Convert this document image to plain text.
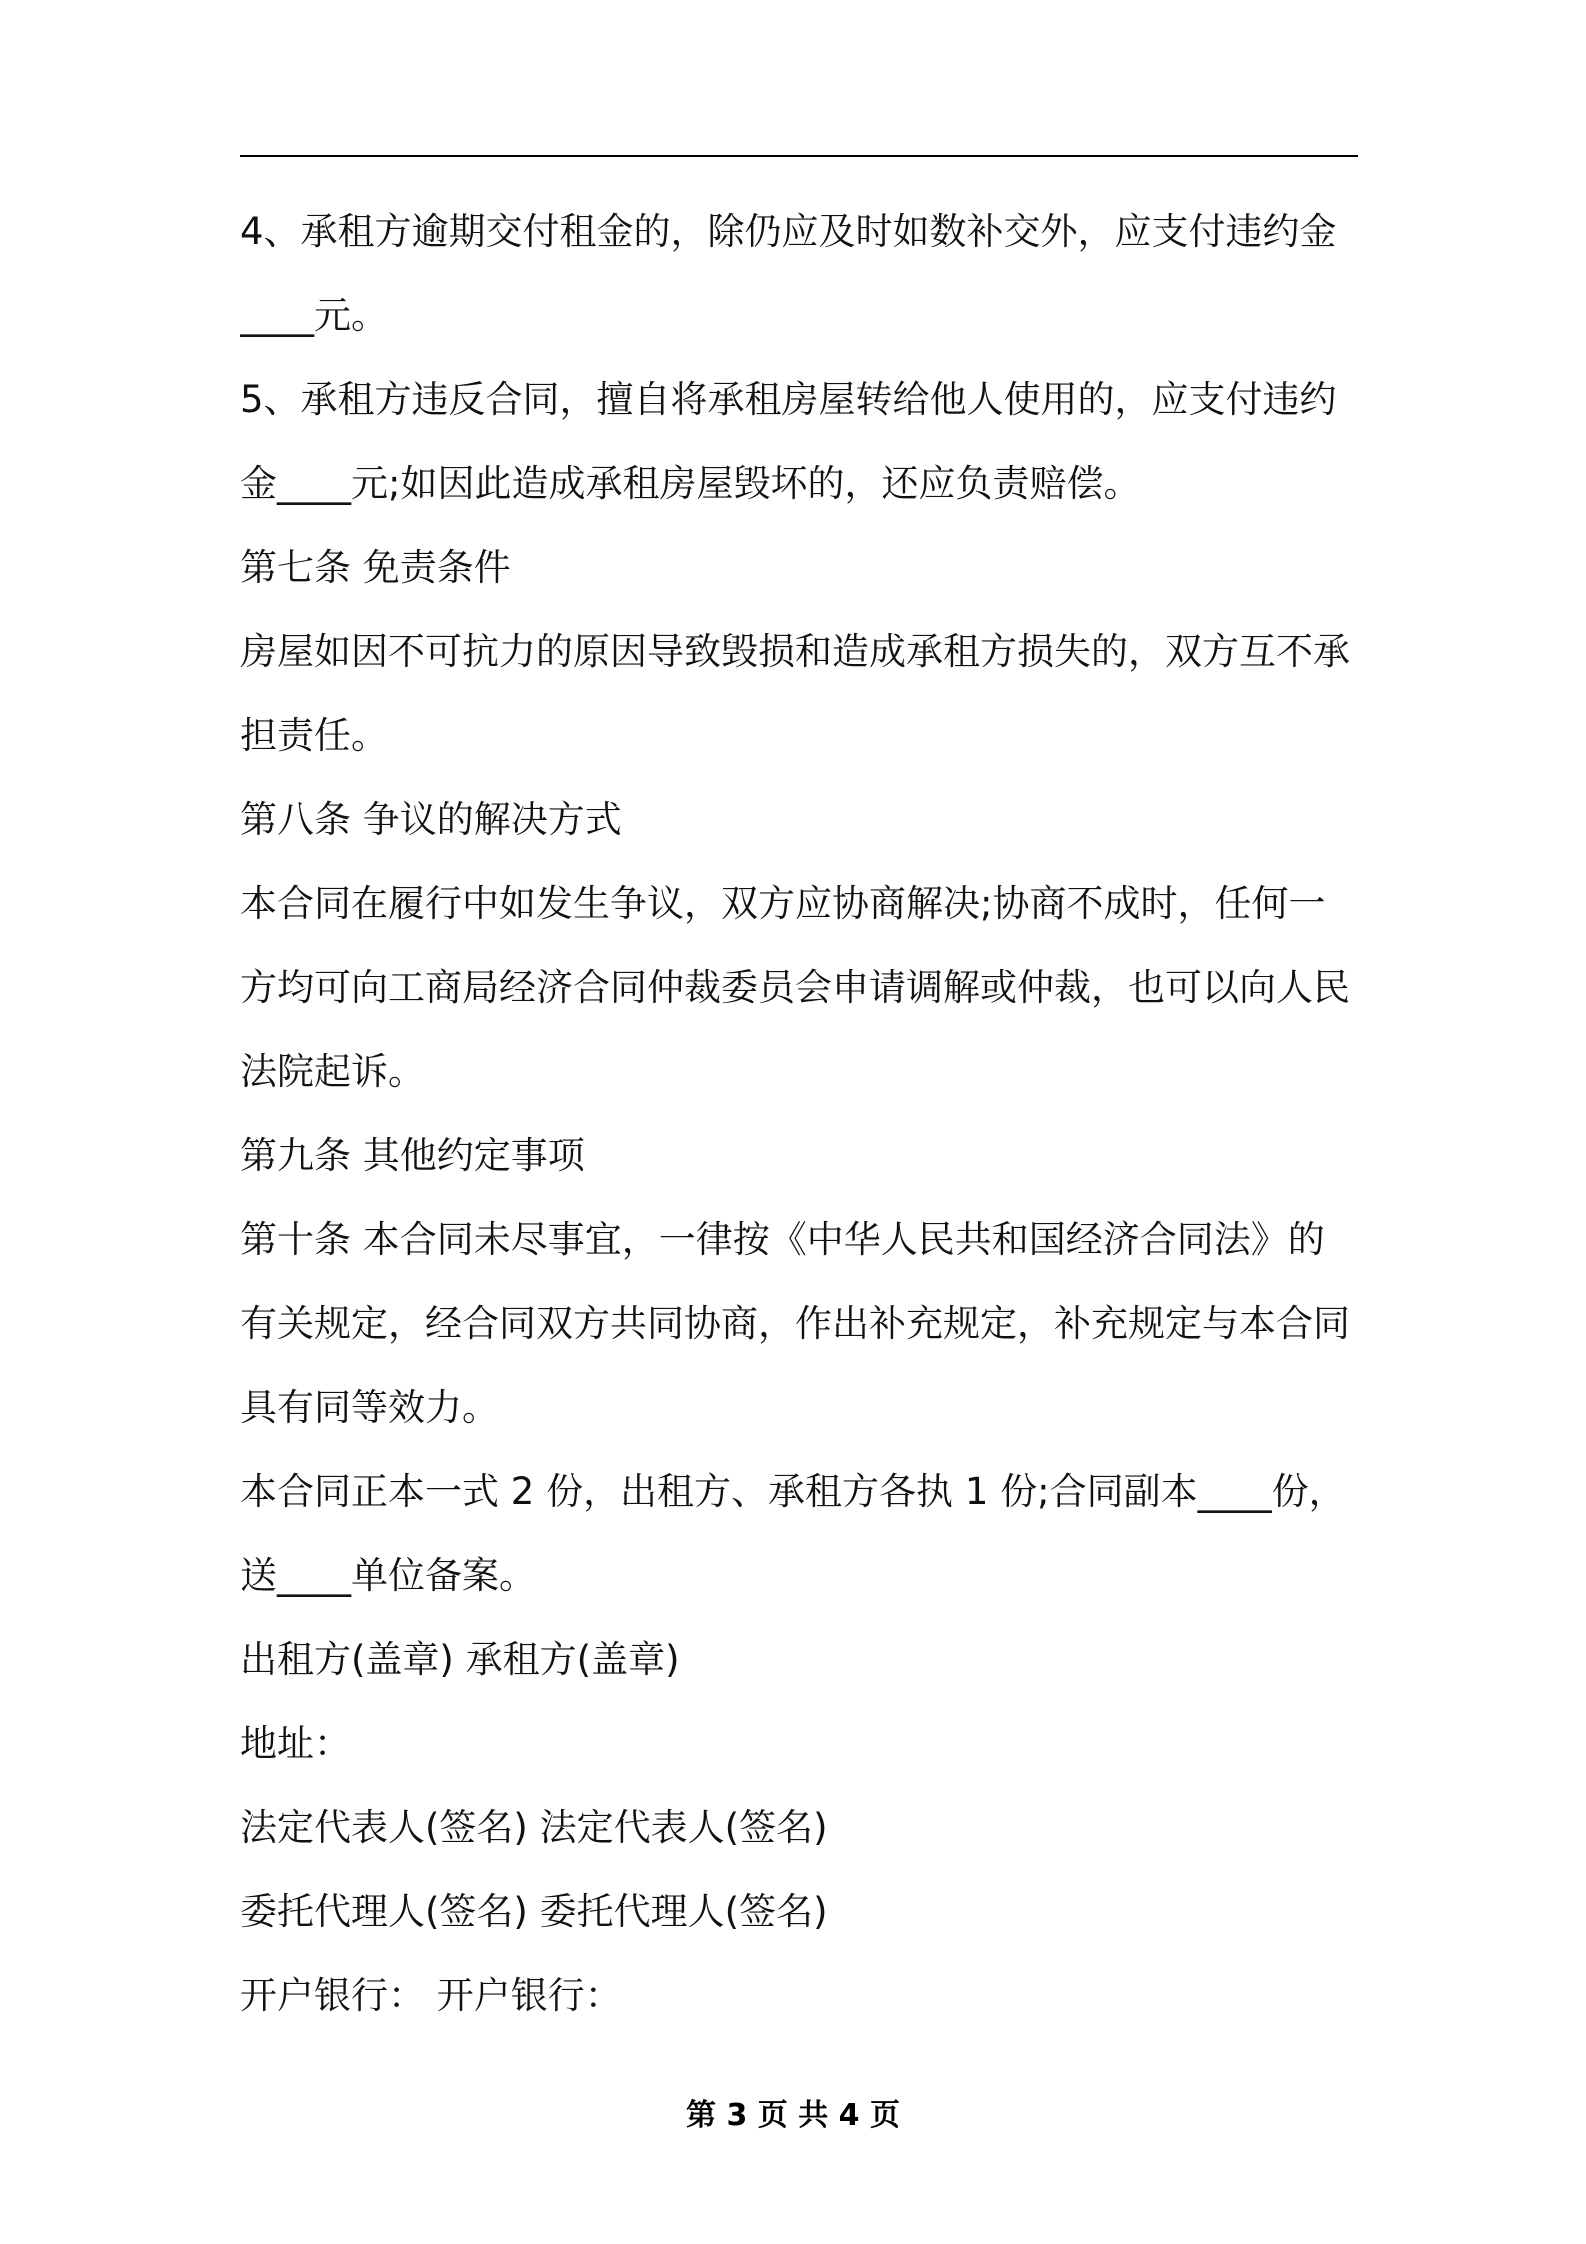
4、承租方逾期交付租金的，除仍应及时如数补交外，应支付违约金
____元。
5、承租方违反合同，擅自将承租房屋转给他人使用的，应支付违约
金____元;如因此造成承租房屋毁坏的，还应负责赔偿。
第七条 免责条件
房屋如因不可抗力的原因导致毁损和造成承租方损失的，双方互不承
担责任。
第八条 争议的解决方式
本合同在履行中如发生争议，双方应协商解决;协商不成时，任何一
方均可向工商局经济合同仲裁委员会申请调解或仲裁，也可以向人民
法院起诉。
第九条 其他约定事项
第十条 本合同未尽事宜，一律按《中华人民共和国经济合同法》的
有关规定，经合同双方共同协商，作出补充规定，补充规定与本合同
具有同等效力。
本合同正本一式 2 份，出租方、承租方各执 1 份;合同副本____份，
送____单位备案。
出租方(盖章) 承租方(盖章)
地址：
法定代表人(签名) 法定代表人(签名)
委托代理人(签名) 委托代理人(签名)
开户银行： 开户银行：
第 3 页 共 4 页
